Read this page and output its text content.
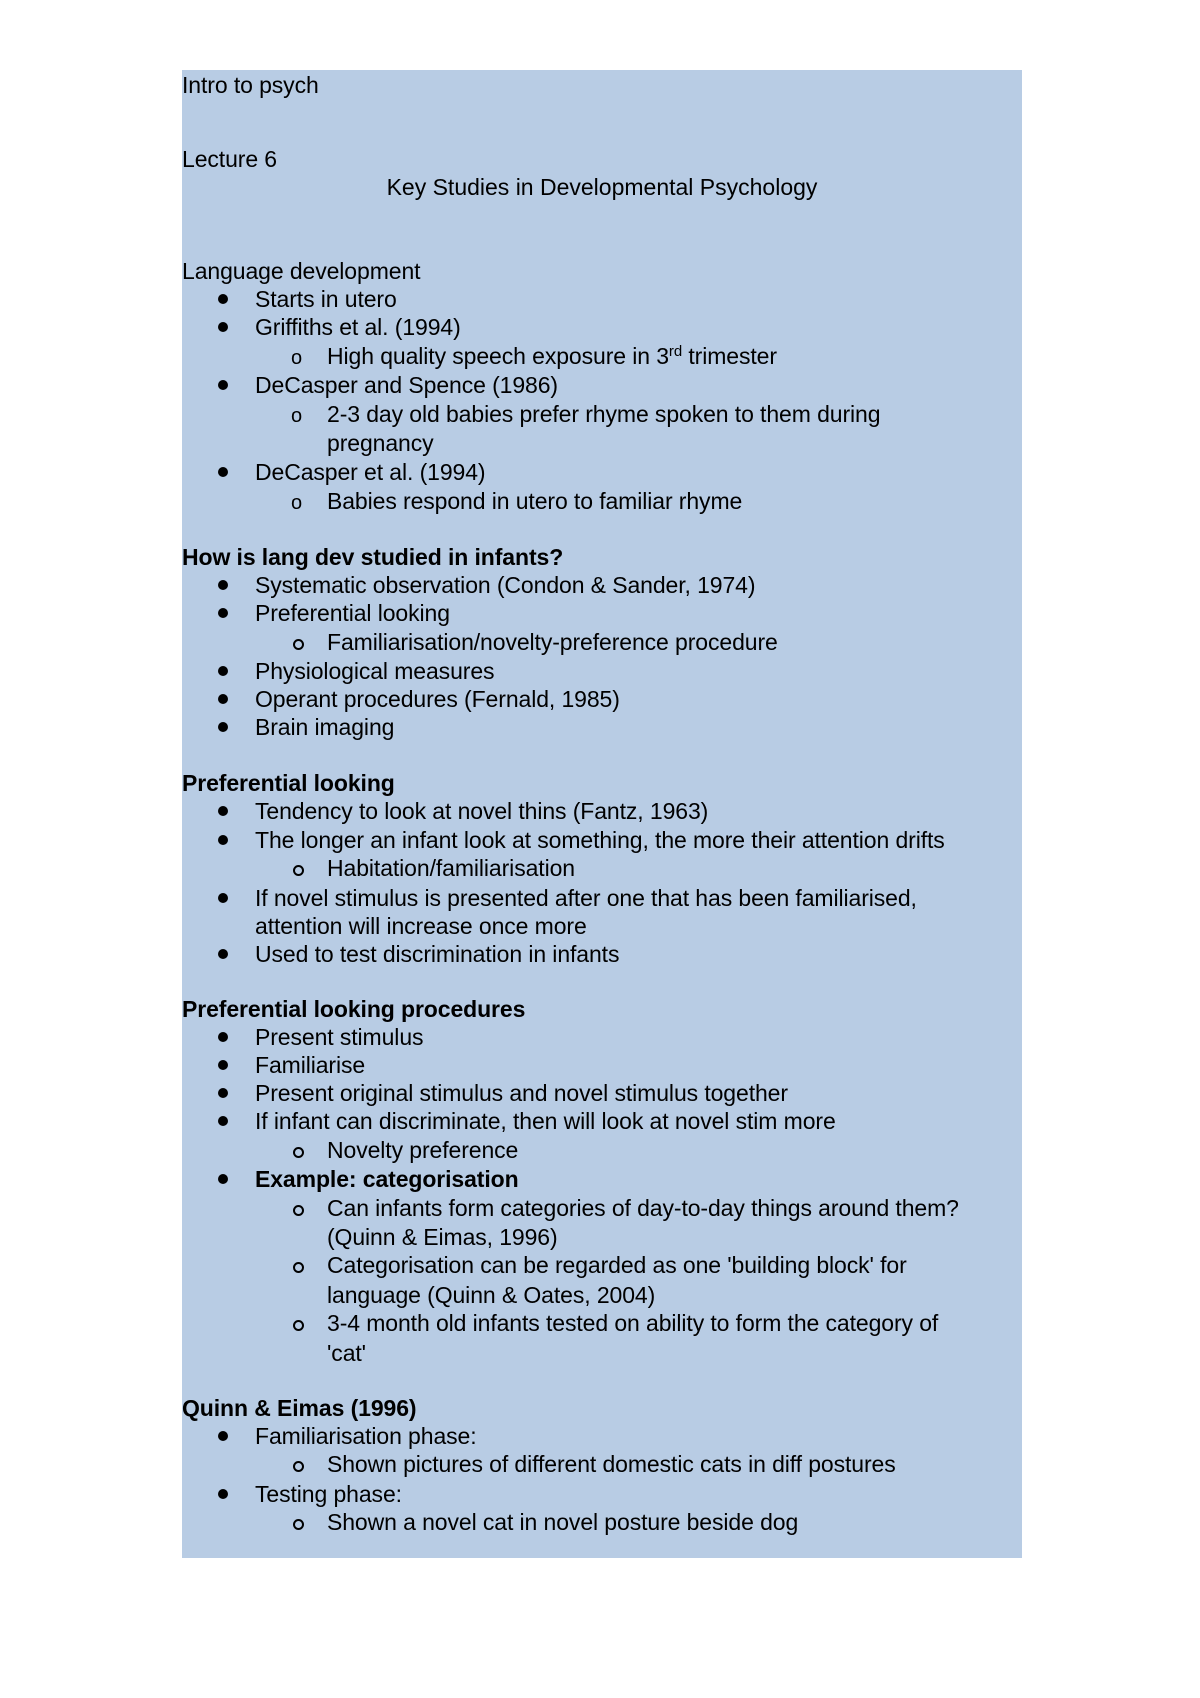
Intro to psych
Lecture 6
Key Studies in Developmental Psychology
Language development
Starts in utero
Griffiths et al. (1994)
o High quality speech exposure in 3rd trimester
DeCasper and Spence (1986)
o 2-3 day old babies prefer rhyme spoken to them during
pregnancy
DeCasper et al. (1994)
o Babies respond in utero to familiar rhyme
How is lang dev studied in infants?
Systematic observation (Condon & Sander, 1974)
Preferential looking
Familiarisation/novelty-preference procedure
Physiological measures
Operant procedures (Fernald, 1985)
Brain imaging
Preferential looking
Tendency to look at novel thins (Fantz, 1963)
The longer an infant look at something, the more their attention drifts
Habitation/familiarisation
If novel stimulus is presented after one that has been familiarised,
attention will increase once more
Used to test discrimination in infants
Preferential looking procedures
Present stimulus
Familiarise
Present original stimulus and novel stimulus together
If infant can discriminate, then will look at novel stim more
Novelty preference
Example: categorisation
Can infants form categories of day-to-day things around them?
(Quinn & Eimas, 1996)
Categorisation can be regarded as one 'building block' for
language (Quinn & Oates, 2004)
3-4 month old infants tested on ability to form the category of
'cat'
Quinn & Eimas (1996)
Familiarisation phase:
Shown pictures of different domestic cats in diff postures
Testing phase:
Shown a novel cat in novel posture beside dog
